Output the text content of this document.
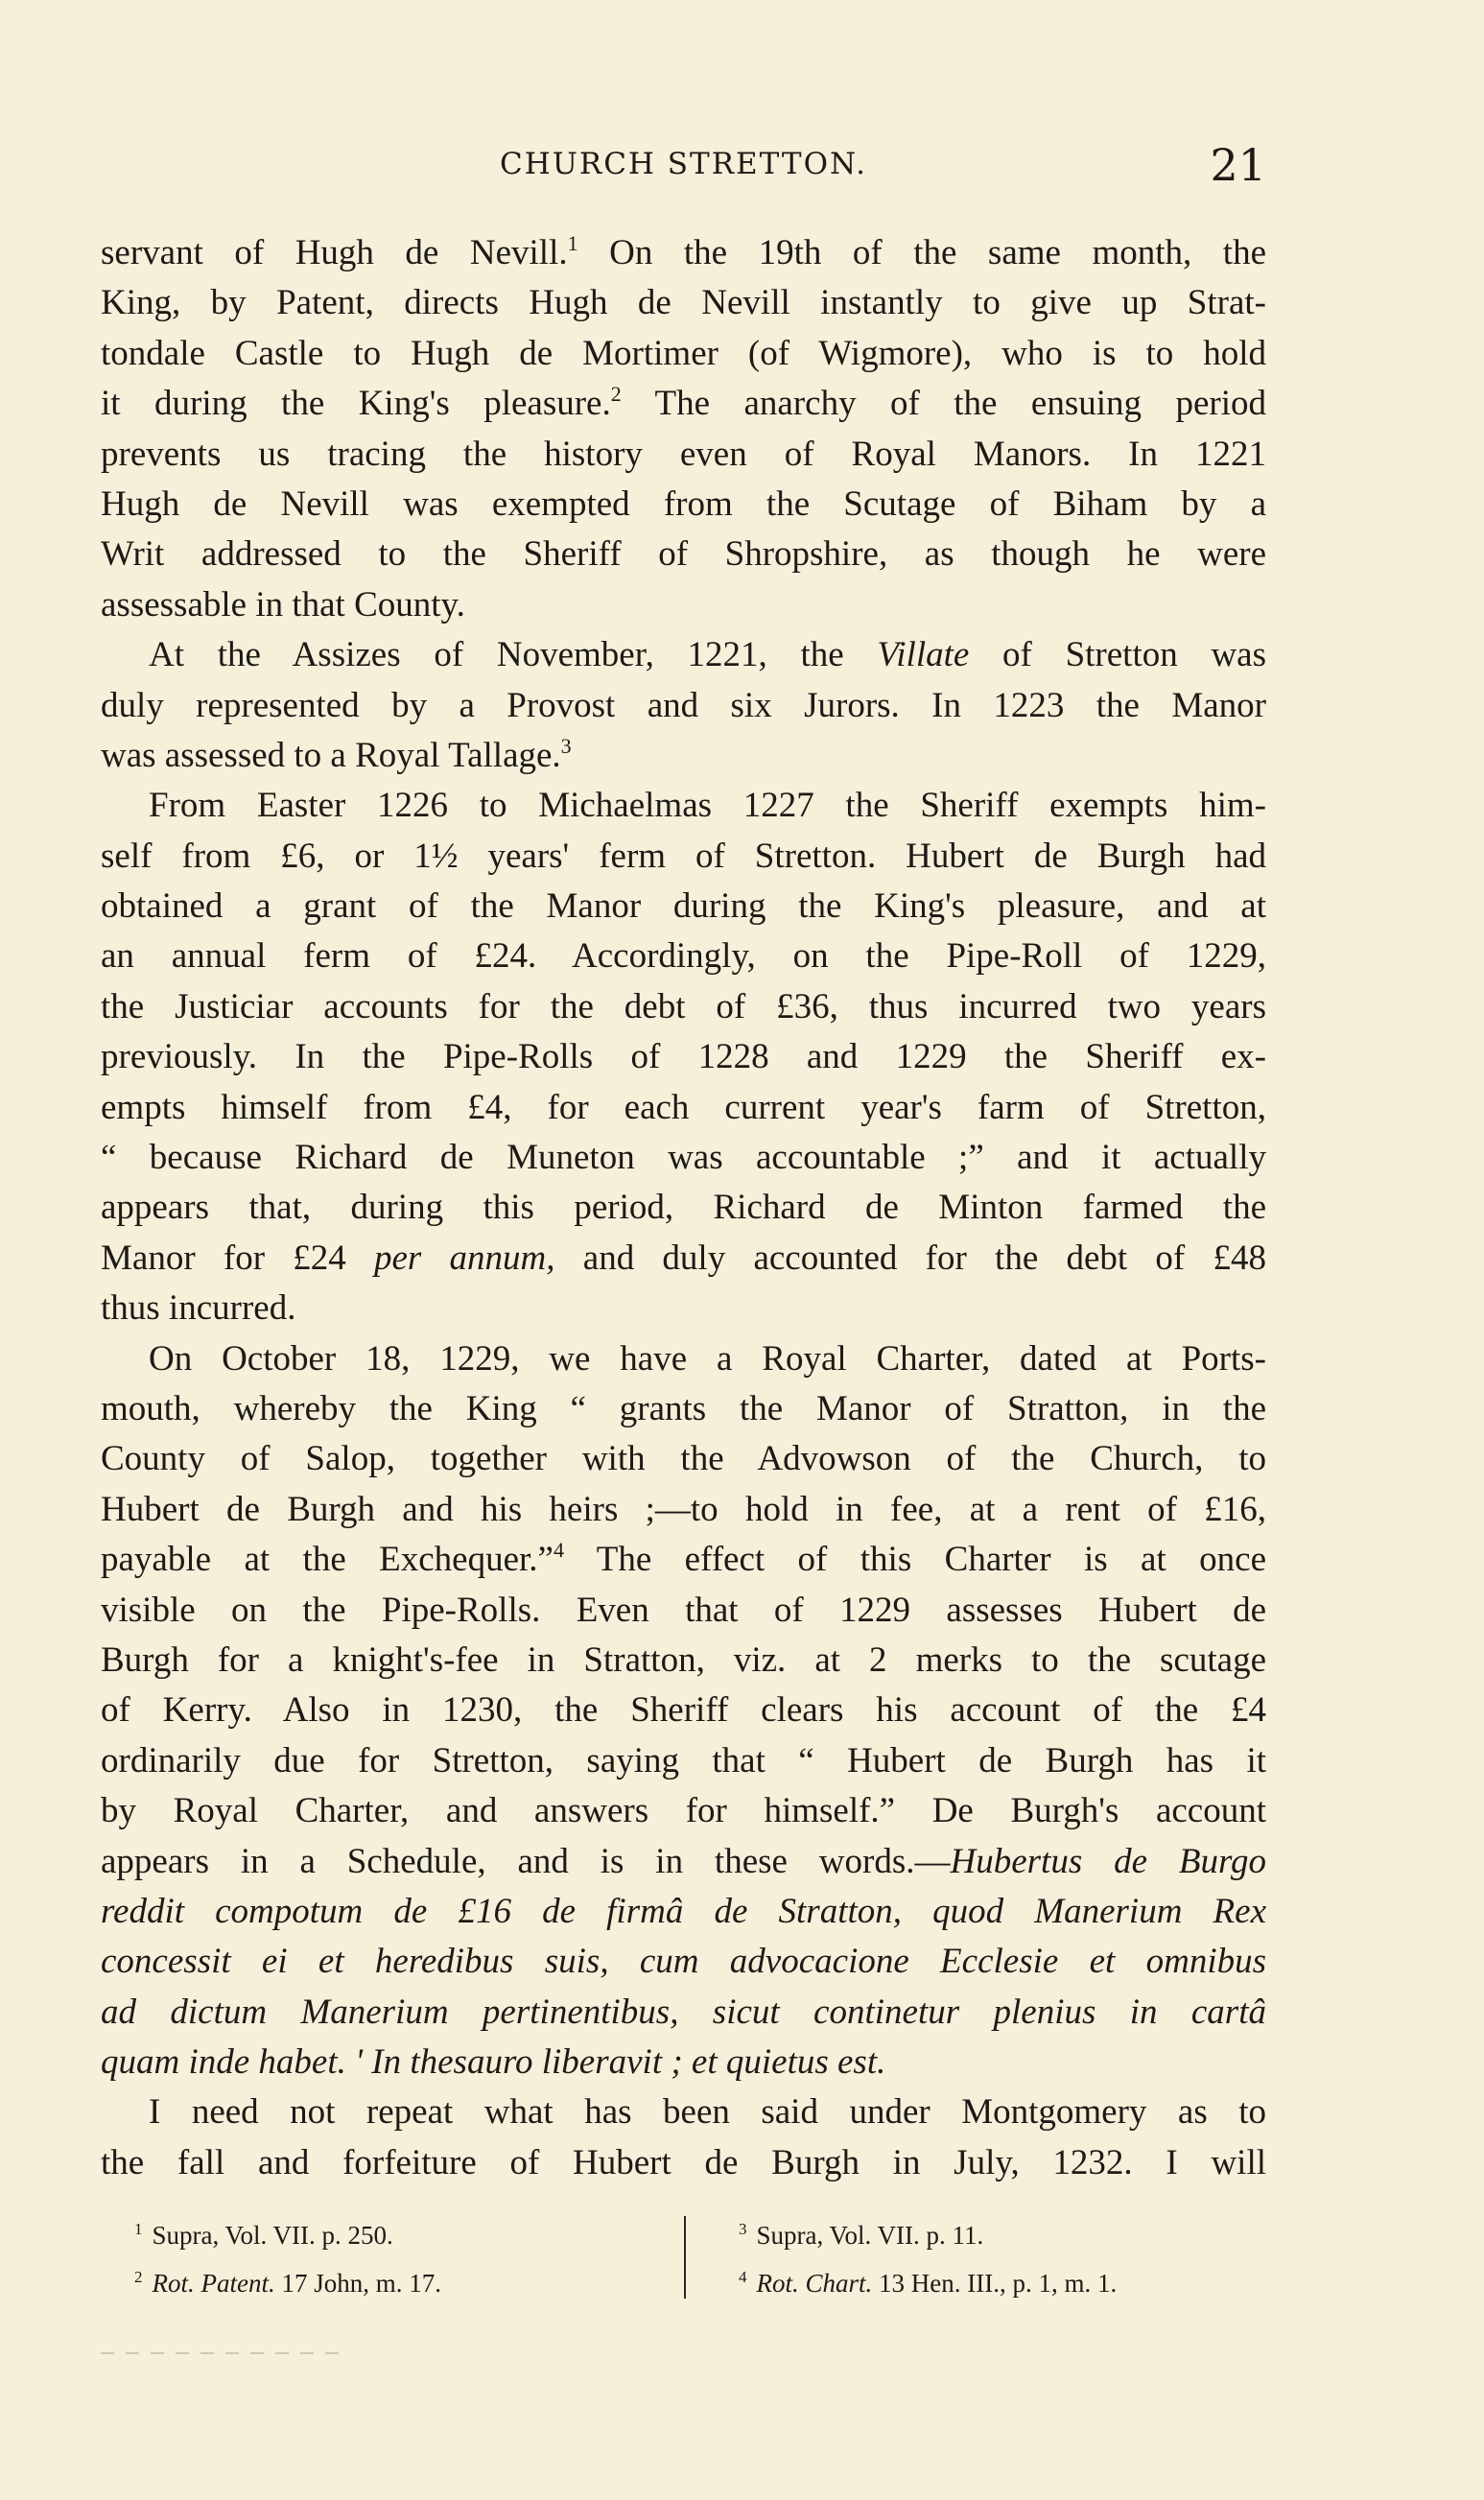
CHURCH STRETTON.	21
servant of Hugh de Nevill.$^1$ On the 19th of the same month, the
King, by Patent, directs Hugh de Nevill instantly to give up Strat-
tondale Castle to Hugh de Mortimer (of Wigmore), who is to hold
it during the King's pleasure.$^2$ The anarchy of the ensuing period
prevents us tracing the history even of Royal Manors. In 1221
Hugh de Nevill was exempted from the Scutage of Biham by a
Writ addressed to the Sheriff of Shropshire, as though he were
assessable in that County.
At the Assizes of November, 1221, the Villate of Stretton was
duly represented by a Provost and six Jurors. In 1223 the Manor
was assessed to a Royal Tallage.$^3$
From Easter 1226 to Michaelmas 1227 the Sheriff exempts him-
self from £6, or 1½ years' ferm of Stretton. Hubert de Burgh had
obtained a grant of the Manor during the King's pleasure, and at
an annual ferm of £24. Accordingly, on the Pipe-Roll of 1229,
the Justiciar accounts for the debt of £36, thus incurred two years
previously. In the Pipe-Rolls of 1228 and 1229 the Sheriff ex-
empts himself from £4, for each current year's farm of Stretton,
“ because Richard de Muneton was accountable ;” and it actually
appears that, during this period, Richard de Minton farmed the
Manor for £24 per annum, and duly accounted for the debt of £48
thus incurred.
On October 18, 1229, we have a Royal Charter, dated at Ports-
mouth, whereby the King “ grants the Manor of Stratton, in the
County of Salop, together with the Advowson of the Church, to
Hubert de Burgh and his heirs ;—to hold in fee, at a rent of £16,
payable at the Exchequer.”$^4$ The effect of this Charter is at once
visible on the Pipe-Rolls. Even that of 1229 assesses Hubert de
Burgh for a knight's-fee in Stratton, viz. at 2 merks to the scutage
of Kerry. Also in 1230, the Sheriff clears his account of the £4
ordinarily due for Stretton, saying that “ Hubert de Burgh has it
by Royal Charter, and answers for himself.” De Burgh's account
appears in a Schedule, and is in these words.—Hubertus de Burgo
reddit compotum de £16 de firmâ de Stratton, quod Manerium Rex
concessit ei et heredibus suis, cum advocacione Ecclesie et omnibus
ad dictum Manerium pertinentibus, sicut continetur plenius in cartâ
quam inde habet. ' In thesauro liberavit ; et quietus est.
I need not repeat what has been said under Montgomery as to
the fall and forfeiture of Hubert de Burgh in July, 1232. I will
$^1$ Supra, Vol. VII. p. 250.
$^2$ Rot. Patent. 17 John, m. 17.
$^3$ Supra, Vol. VII. p. 11.
$^4$ Rot. Chart. 13 Hen. III., p. 1, m. 1.
